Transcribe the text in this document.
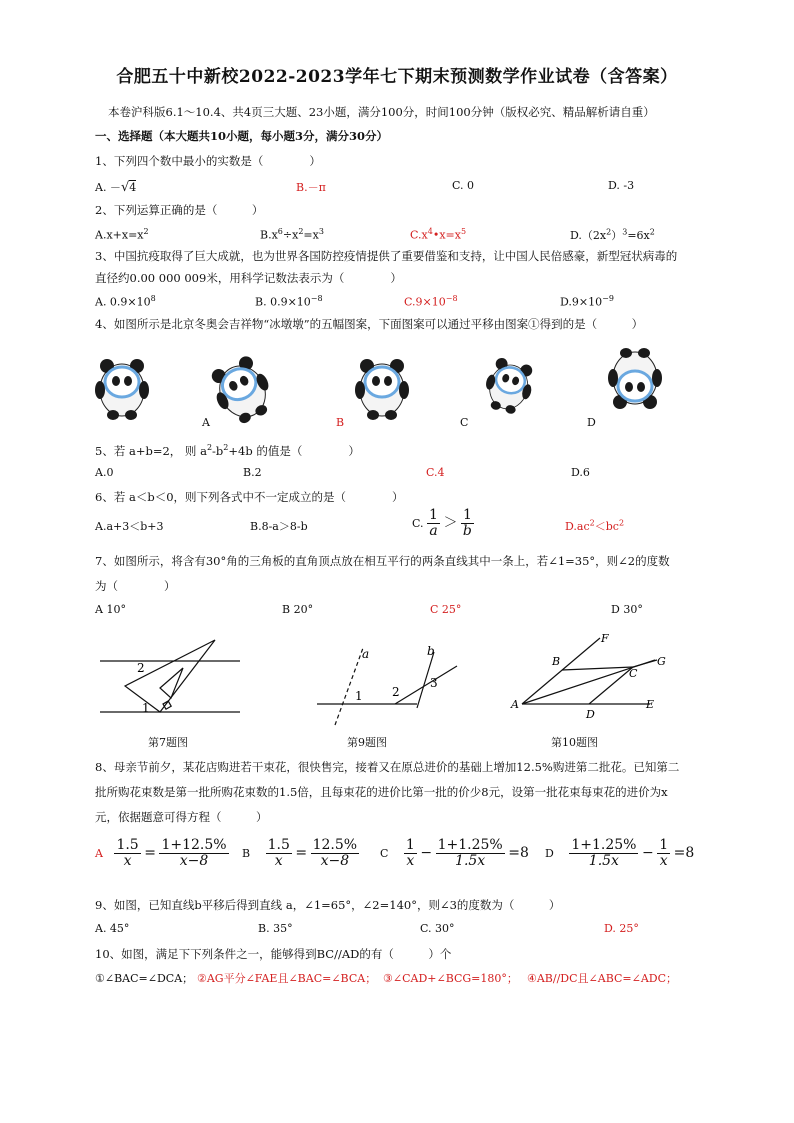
合肥五十中新校2022-2023学年七下期末预测数学作业试卷（含答案）
本卷沪科版6.1～10.4、共4页三大题、23小题，满分100分，时间100分钟（版权必究、精品解析请自重）
一、选择题（本大题共10小题，每小题3分，满分30分）
1、下列四个数中最小的实数是（　　　　）
A. －√4	B.－π	C. 0	D. -3
2、下列运算正确的是（　　　）
$A.x+x=x^2$	$B.x^6\div x^2=x^3$	$C.x^4•x=x^5$	$D.(2x^2)^3=6x^2$
3、中国抗疫取得了巨大成就，也为世界各国防控疫情提供了重要借鉴和支持，让中国人民倍感豪，新型冠状病毒的
直径约0.00 000 009米，用科学记数法表示为（　　　　）
A. $0.9\times 10^8$	B. $0.9\times 10^{-8}$	$C.9\times 10^{-8}$	$D.9\times 10^{-9}$
4、如图所示是北京冬奥会吉祥物“冰墩墩”的五幅图案，下面图案可以通过平移由图案①得到的是（　　　）
A	B	C	D
5、若 a+b=2， 则 $a^2-b^2+4b$ 的值是（　　　　）
A.0	B.2	C.4	D.6
6、若 a＜b＜0，则下列各式中不一定成立的是（　　　　）
A.a+3＜b+3	B.8-a＞8-b	C. $\frac{1}{a} > \frac{1}{b}$	$D.ac^2<bc^2$
7、如图所示，将含有30°角的三角板的直角顶点放在相互平行的两条直线其中一条上，若∠1=35°，则∠2的度数
为（　　　　）
A 10°	B 20°	C 25°	D 30°
2
1
a	b
1 2
3
A
B
C
D
E
F
G
第7题图	第9题图	第10题图
8、母亲节前夕，某花店购进若干束花，很快售完，接着又在原总进价的基础上增加12.5%购进第二批花。已知第二
批所购花束数是第一批所购花束数的1.5倍，且每束花的进价比第一批的价少8元，设第一批花束每束花的进价为x
元，依据题意可得方程（　　　）
A $\frac{1.5}{x} = \frac{1+12.5\%}{x-8}$ B $\frac{1.5}{x} = \frac{12.5\%}{x-8}$ C $\frac{1}{x} - \frac{1+1.25\%}{1.5x} =8$ D $\frac{1+1.25\%}{1.5x} - \frac{1}{x} =8$
9、如图，已知直线b平移后得到直线 a，∠1=65°，∠2=140°，则∠3的度数为（　　　）
A. 45°	B. 35°	C. 30°	D. 25°
10、如图，满足下下列条件之一，能够得到BC//AD的有（　　　）个
①∠BAC=∠DCA； ②AG平分∠FAE且∠BAC=∠BCA； ③∠CAD+∠BCG=180°； ④AB//DC且∠ABC=∠ADC；
